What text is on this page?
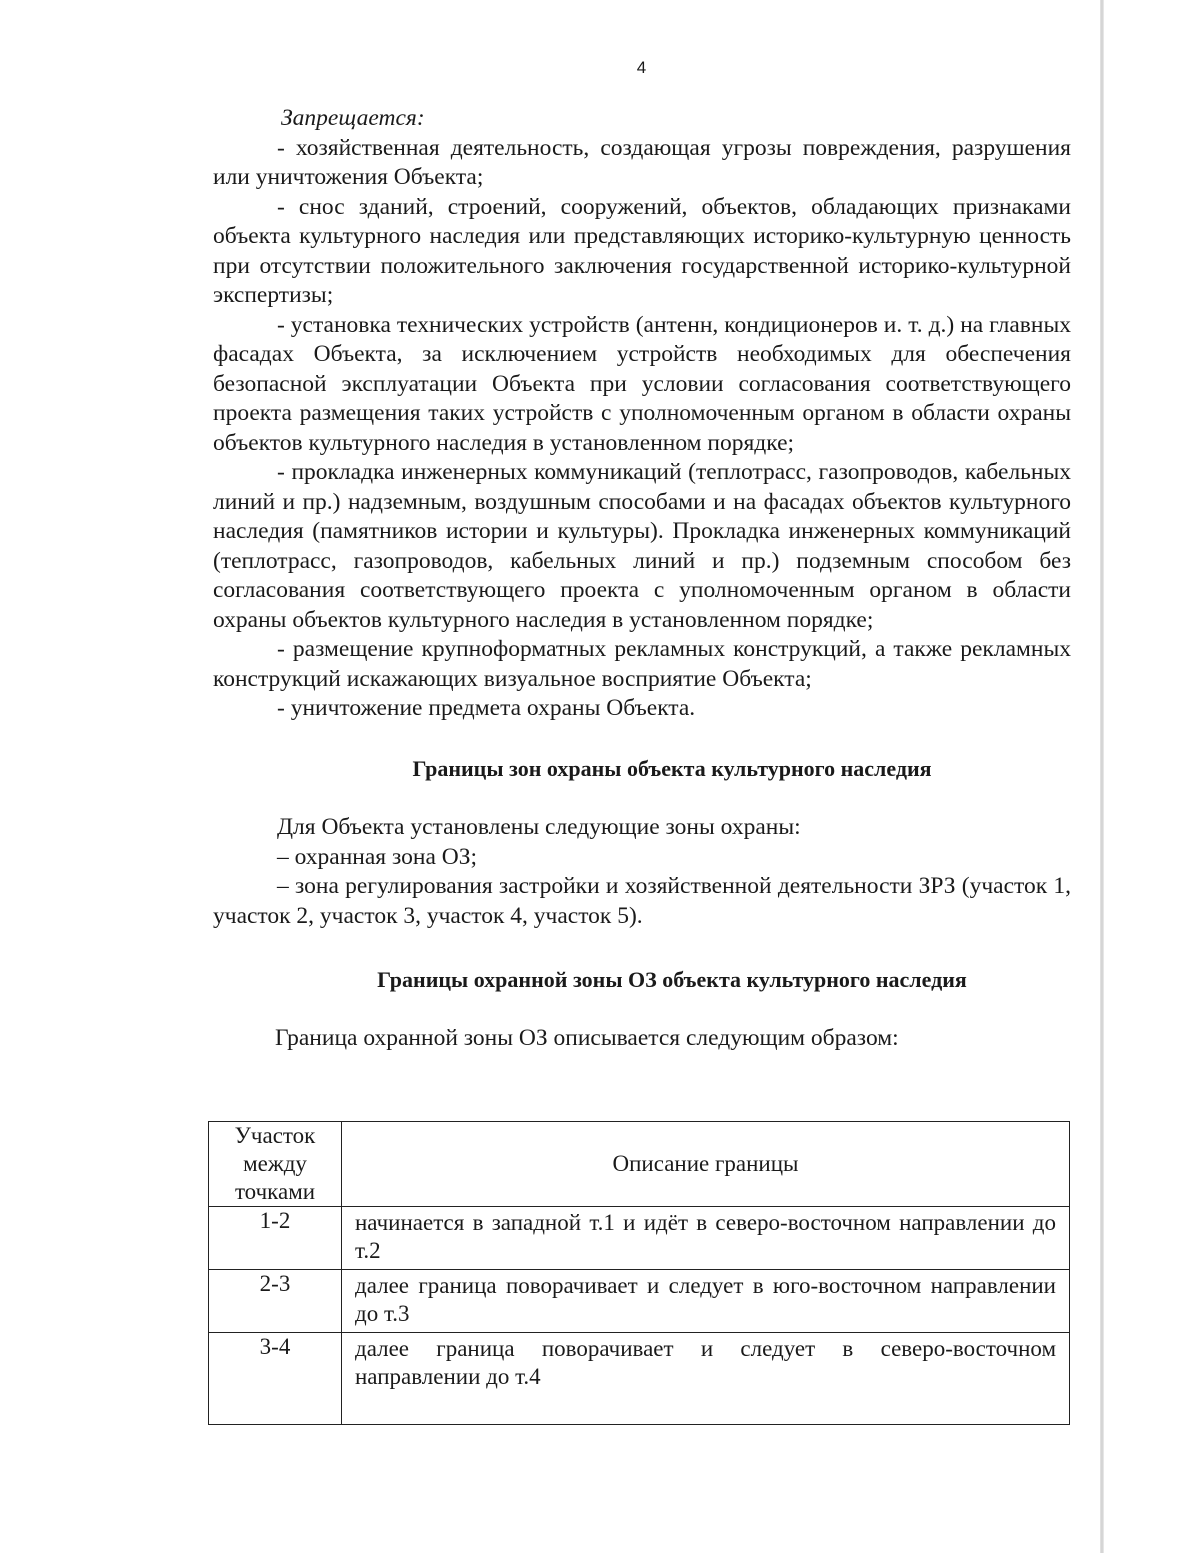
4

Запрещается:

- хозяйственная деятельность, создающая угрозы повреждения, разрушения или уничтожения Объекта;

- снос зданий, строений, сооружений, объектов, обладающих признаками объекта культурного наследия или представляющих историко-культурную ценность при отсутствии положительного заключения государственной историко-культурной экспертизы;

- установка технических устройств (антенн, кондиционеров и. т. д.) на главных фасадах Объекта, за исключением устройств необходимых для обеспечения безопасной эксплуатации Объекта при условии согласования соответствующего проекта размещения таких устройств с уполномоченным органом в области охраны объектов культурного наследия в установленном порядке;

- прокладка инженерных коммуникаций (теплотрасс, газопроводов, кабельных линий и пр.) надземным, воздушным способами и на фасадах объектов культурного наследия (памятников истории и культуры). Прокладка инженерных коммуникаций (теплотрасс, газопроводов, кабельных линий и пр.) подземным способом без согласования соответствующего проекта с уполномоченным органом в области охраны объектов культурного наследия в установленном порядке;

- размещение крупноформатных рекламных конструкций, а также рекламных конструкций искажающих визуальное восприятие Объекта;

- уничтожение предмета охраны Объекта.

Границы зон охраны объекта культурного наследия

Для Объекта установлены следующие зоны охраны:

– охранная зона ОЗ;

– зона регулирования застройки и хозяйственной деятельности ЗРЗ (участок 1, участок 2, участок 3, участок 4, участок 5).

Границы охранной зоны ОЗ объекта культурного наследия

Граница охранной зоны ОЗ описывается следующим образом:

Участок между точками	Описание границы
1-2	начинается в западной т.1 и идёт в северо-восточном направлении до т.2
2-3	далее граница поворачивает и следует в юго-восточном направлении до т.3
3-4	далее граница поворачивает и следует в северо-восточном направлении до т.4
